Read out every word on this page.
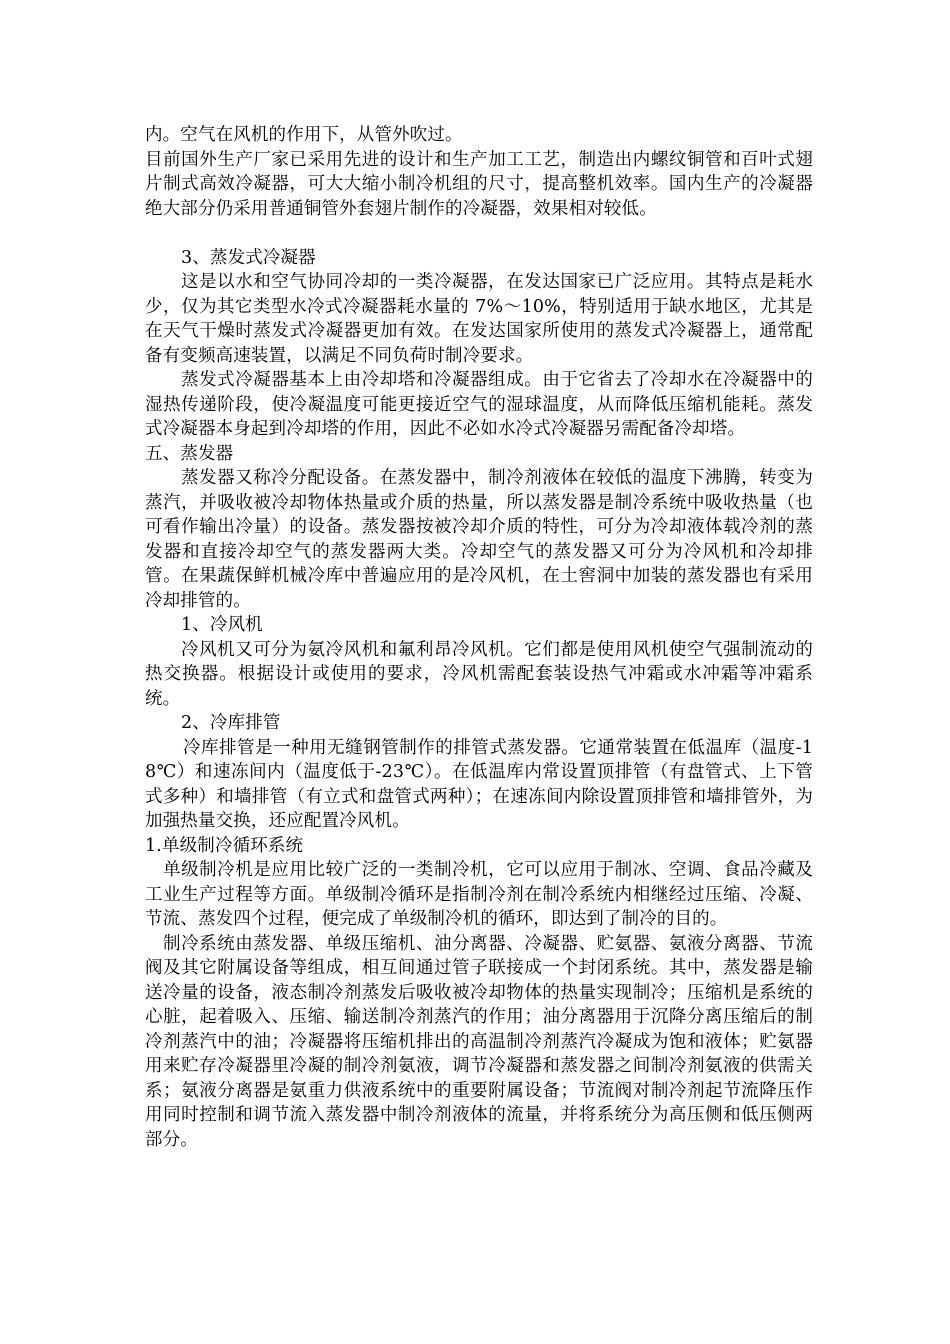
内。空气在风机的作用下，从管外吹过。

目前国外生产厂家已采用先进的设计和生产加工工艺，制造出内螺纹铜管和百叶式翅片制式高效冷凝器，可大大缩小制冷机组的尺寸，提高整机效率。国内生产的冷凝器绝大部分仍采用普通铜管外套翅片制作的冷凝器，效果相对较低。

3、蒸发式冷凝器

这是以水和空气协同冷却的一类冷凝器，在发达国家已广泛应用。其特点是耗水少，仅为其它类型水冷式冷凝器耗水量的 7%～10%，特别适用于缺水地区，尤其是在天气干燥时蒸发式冷凝器更加有效。在发达国家所使用的蒸发式冷凝器上，通常配备有变频高速装置，以满足不同负荷时制冷要求。

蒸发式冷凝器基本上由冷却塔和冷凝器组成。由于它省去了冷却水在冷凝器中的湿热传递阶段，使冷凝温度可能更接近空气的湿球温度，从而降低压缩机能耗。蒸发式冷凝器本身起到冷却塔的作用，因此不必如水冷式冷凝器另需配备冷却塔。

五、蒸发器

蒸发器又称冷分配设备。在蒸发器中，制冷剂液体在较低的温度下沸腾，转变为蒸汽，并吸收被冷却物体热量或介质的热量，所以蒸发器是制冷系统中吸收热量（也可看作输出冷量）的设备。蒸发器按被冷却介质的特性，可分为冷却液体载冷剂的蒸发器和直接冷却空气的蒸发器两大类。冷却空气的蒸发器又可分为冷风机和冷却排管。在果蔬保鲜机械冷库中普遍应用的是冷风机，在土窖洞中加装的蒸发器也有采用冷却排管的。

1、冷风机

冷风机又可分为氨冷风机和氟利昂冷风机。它们都是使用风机使空气强制流动的热交换器。根据设计或使用的要求，冷风机需配套装设热气冲霜或水冲霜等冲霜系统。

2、冷库排管

冷库排管是一种用无缝钢管制作的排管式蒸发器。它通常装置在低温库（温度-18℃）和速冻间内（温度低于-23℃）。在低温库内常设置顶排管（有盘管式、上下管式多种）和墙排管（有立式和盘管式两种）；在速冻间内除设置顶排管和墙排管外，为加强热量交换，还应配置冷风机。

1.单级制冷循环系统

单级制冷机是应用比较广泛的一类制冷机，它可以应用于制冰、空调、食品冷藏及工业生产过程等方面。单级制冷循环是指制冷剂在制冷系统内相继经过压缩、冷凝、节流、蒸发四个过程，便完成了单级制冷机的循环，即达到了制冷的目的。

制冷系统由蒸发器、单级压缩机、油分离器、冷凝器、贮氨器、氨液分离器、节流阀及其它附属设备等组成，相互间通过管子联接成一个封闭系统。其中，蒸发器是输送冷量的设备，液态制冷剂蒸发后吸收被冷却物体的热量实现制冷；压缩机是系统的心脏，起着吸入、压缩、输送制冷剂蒸汽的作用；油分离器用于沉降分离压缩后的制冷剂蒸汽中的油；冷凝器将压缩机排出的高温制冷剂蒸汽冷凝成为饱和液体；贮氨器用来贮存冷凝器里冷凝的制冷剂氨液，调节冷凝器和蒸发器之间制冷剂氨液的供需关系；氨液分离器是氨重力供液系统中的重要附属设备；节流阀对制冷剂起节流降压作用同时控制和调节流入蒸发器中制冷剂液体的流量，并将系统分为高压侧和低压侧两部分。
